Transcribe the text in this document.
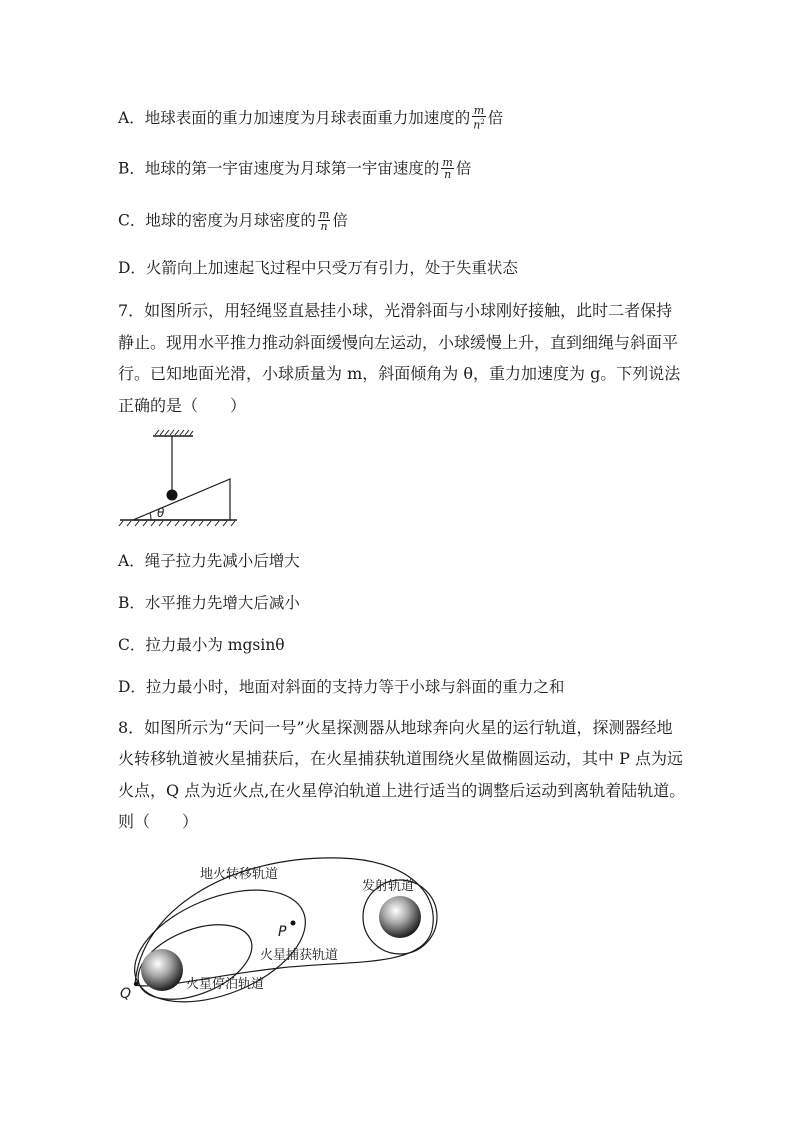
A．地球表面的重力加速度为月球表面重力加速度的 $\frac{m}{n^2}$ 倍
B．地球的第一宇宙速度为月球第一宇宙速度的 $\frac{m}{n}$ 倍
C．地球的密度为月球密度的 $\frac{m}{n}$ 倍
D．火箭向上加速起飞过程中只受万有引力，处于失重状态
7．如图所示，用轻绳竖直悬挂小球，光滑斜面与小球刚好接触，此时二者保持
静止。现用水平推力推动斜面缓慢向左运动，小球缓慢上升，直到细绳与斜面平
行。已知地面光滑，小球质量为 m，斜面倾角为 θ，重力加速度为 g。下列说法
正确的是（　　）
θ
A．绳子拉力先减小后增大
B．水平推力先增大后减小
C．拉力最小为 mgsinθ
D．拉力最小时，地面对斜面的支持力等于小球与斜面的重力之和
8．如图所示为“天问一号”火星探测器从地球奔向火星的运行轨道，探测器经地
火转移轨道被火星捕获后，在火星捕获轨道围绕火星做椭圆运动，其中 P 点为远
火点，Q 点为近火点,在火星停泊轨道上进行适当的调整后运动到离轨着陆轨道。
则（　　）
地火转移轨道
发射轨道
火星捕获轨道
火星停泊轨道
P
Q
